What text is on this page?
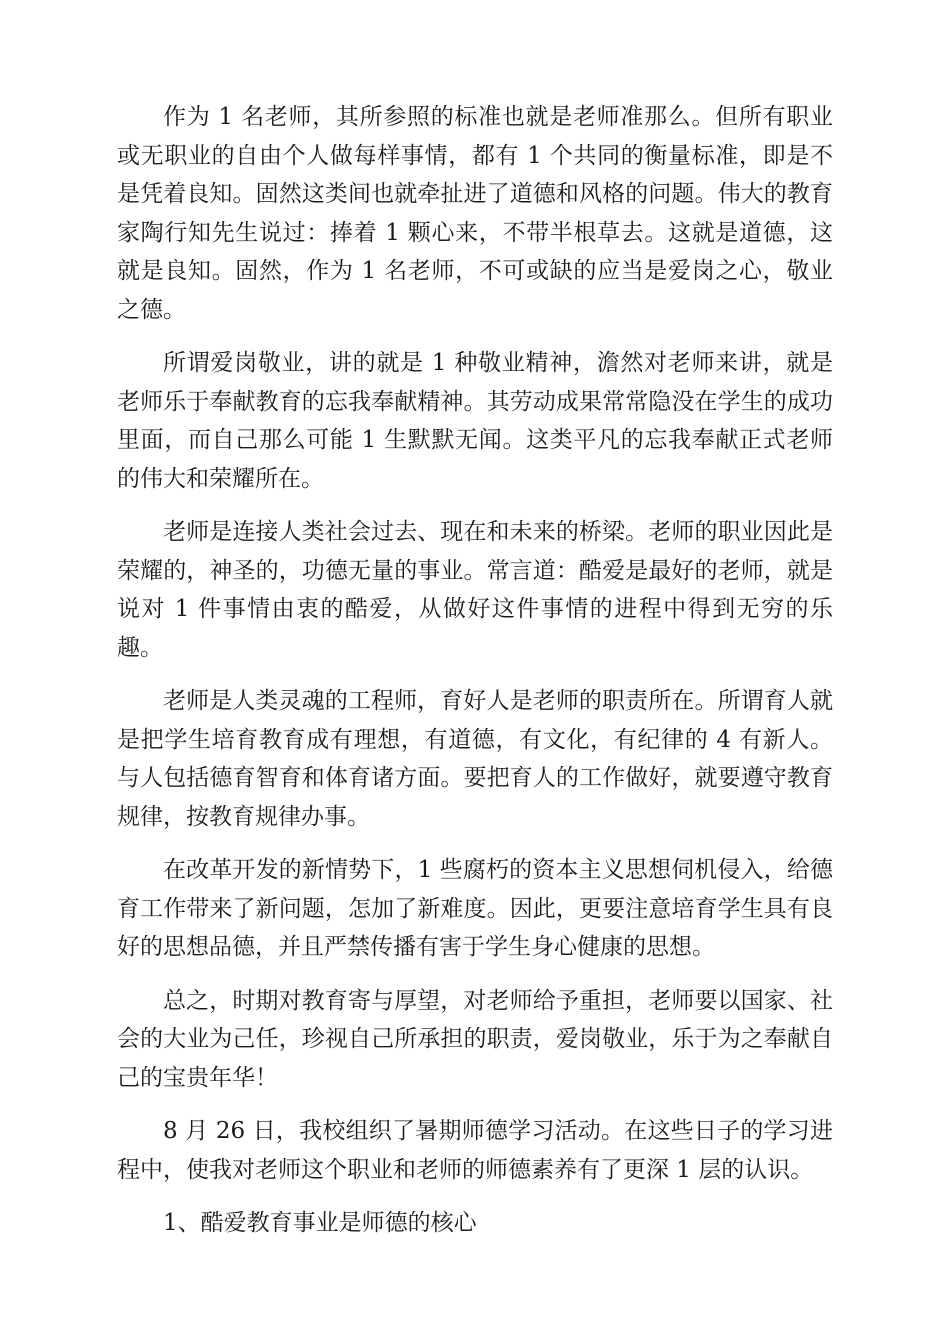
作为 1 名老师，其所参照的标准也就是老师准那么。但所有职业或无职业的自由个人做每样事情，都有 1 个共同的衡量标准，即是不是凭着良知。固然这类间也就牵扯进了道德和风格的问题。伟大的教育家陶行知先生说过：捧着 1 颗心来，不带半根草去。这就是道德，这就是良知。固然，作为 1 名老师，不可或缺的应当是爱岗之心，敬业之德。

所谓爱岗敬业，讲的就是 1 种敬业精神，澹然对老师来讲，就是老师乐于奉献教育的忘我奉献精神。其劳动成果常常隐没在学生的成功里面，而自己那么可能 1 生默默无闻。这类平凡的忘我奉献正式老师的伟大和荣耀所在。

老师是连接人类社会过去、现在和未来的桥梁。老师的职业因此是荣耀的，神圣的，功德无量的事业。常言道：酷爱是最好的老师，就是说对 1 件事情由衷的酷爱，从做好这件事情的进程中得到无穷的乐趣。

老师是人类灵魂的工程师，育好人是老师的职责所在。所谓育人就是把学生培育教育成有理想，有道德，有文化，有纪律的 4 有新人。与人包括德育智育和体育诸方面。要把育人的工作做好，就要遵守教育规律，按教育规律办事。

在改革开发的新情势下，1 些腐朽的资本主义思想伺机侵入，给德育工作带来了新问题，怎加了新难度。因此，更要注意培育学生具有良好的思想品德，并且严禁传播有害于学生身心健康的思想。

总之，时期对教育寄与厚望，对老师给予重担，老师要以国家、社会的大业为己任，珍视自己所承担的职责，爱岗敬业，乐于为之奉献自己的宝贵年华！

8 月 26 日，我校组织了暑期师德学习活动。在这些日子的学习进程中，使我对老师这个职业和老师的师德素养有了更深 1 层的认识。

1、酷爱教育事业是师德的核心
